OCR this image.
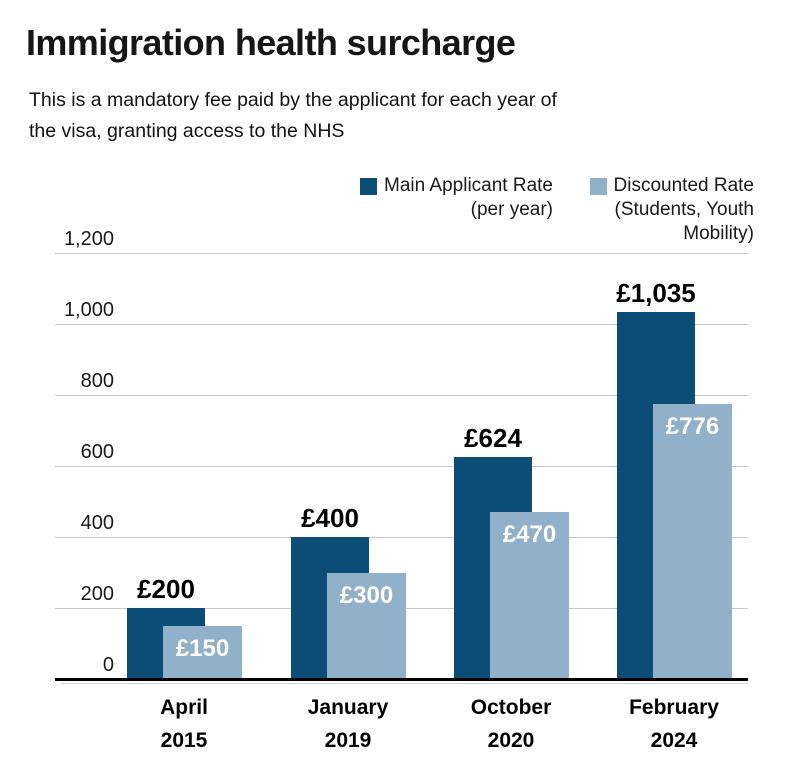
Immigration health surcharge

This is a mandatory fee paid by the applicant for each year of
the visa, granting access to the NHS

Main Applicant Rate
(per year)
Discounted Rate
(Students, Youth
Mobility)
0
200
400
600
800
1,000
1,200
£200
£150
April
2015
£400
£300
January
2019
£624
£470
October
2020
£1,035
£776
February
2024
